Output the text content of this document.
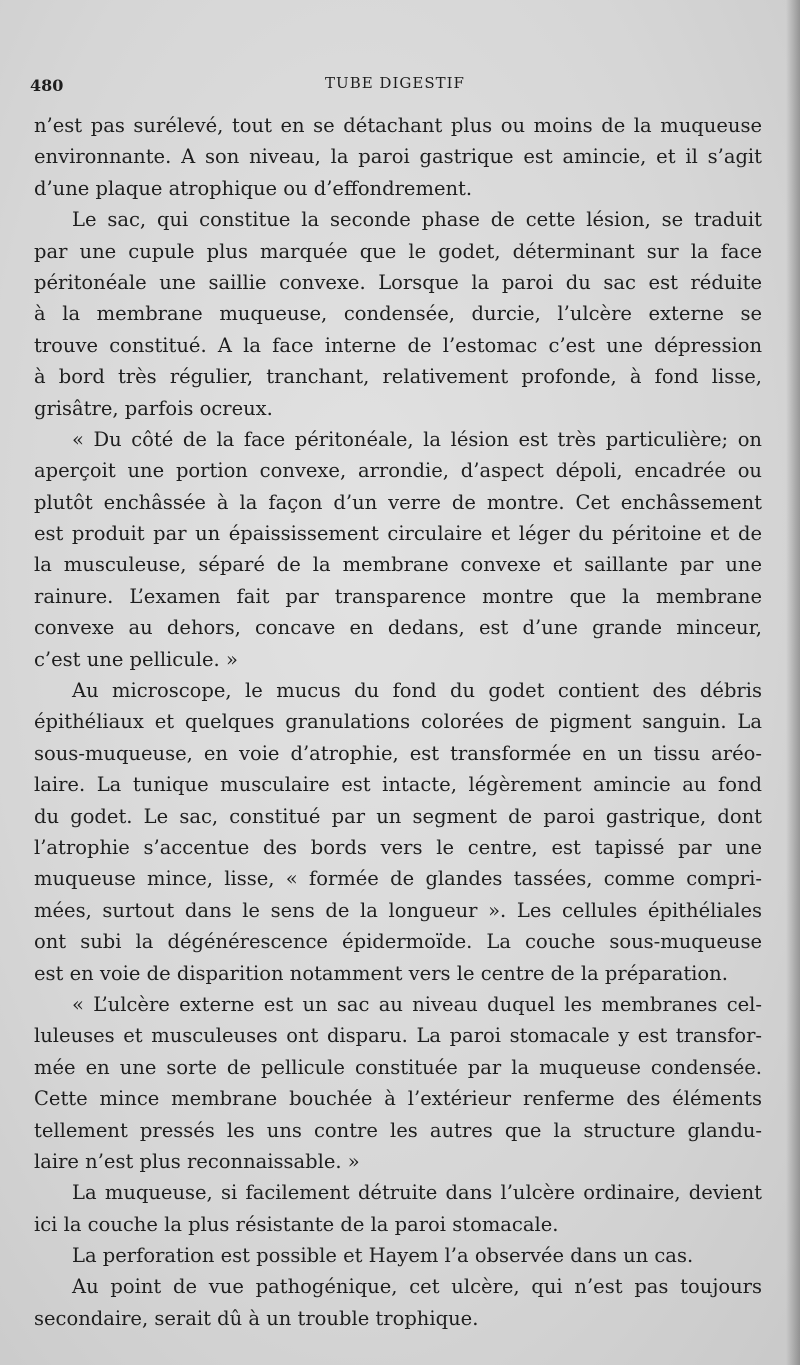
480	TUBE DIGESTIF
n’est pas surélevé, tout en se détachant plus ou moins de la muqueuse
environnante. A son niveau, la paroi gastrique est amincie, et il s’agit
d’une plaque atrophique ou d’effondrement.
Le sac, qui constitue la seconde phase de cette lésion, se traduit
par une cupule plus marquée que le godet, déterminant sur la face
péritonéale une saillie convexe. Lorsque la paroi du sac est réduite
à la membrane muqueuse, condensée, durcie, l’ulcère externe se
trouve constitué. A la face interne de l’estomac c’est une dépression
à bord très régulier, tranchant, relativement profonde, à fond lisse,
grisâtre, parfois ocreux.
« Du côté de la face péritonéale, la lésion est très particulière; on
aperçoit une portion convexe, arrondie, d’aspect dépoli, encadrée ou
plutôt enchâssée à la façon d’un verre de montre. Cet enchâssement
est produit par un épaississement circulaire et léger du péritoine et de
la musculeuse, séparé de la membrane convexe et saillante par une
rainure. L’examen fait par transparence montre que la membrane
convexe au dehors, concave en dedans, est d’une grande minceur,
c’est une pellicule. »
Au microscope, le mucus du fond du godet contient des débris
épithéliaux et quelques granulations colorées de pigment sanguin. La
sous-muqueuse, en voie d’atrophie, est transformée en un tissu aréo-
laire. La tunique musculaire est intacte, légèrement amincie au fond
du godet. Le sac, constitué par un segment de paroi gastrique, dont
l’atrophie s’accentue des bords vers le centre, est tapissé par une
muqueuse mince, lisse, « formée de glandes tassées, comme compri-
mées, surtout dans le sens de la longueur ». Les cellules épithéliales
ont subi la dégénérescence épidermoïde. La couche sous-muqueuse
est en voie de disparition notamment vers le centre de la préparation.
« L’ulcère externe est un sac au niveau duquel les membranes cel-
luleuses et musculeuses ont disparu. La paroi stomacale y est transfor-
mée en une sorte de pellicule constituée par la muqueuse condensée.
Cette mince membrane bouchée à l’extérieur renferme des éléments
tellement pressés les uns contre les autres que la structure glandu-
laire n’est plus reconnaissable. »
La muqueuse, si facilement détruite dans l’ulcère ordinaire, devient
ici la couche la plus résistante de la paroi stomacale.
La perforation est possible et Hayem l’a observée dans un cas.
Au point de vue pathogénique, cet ulcère, qui n’est pas toujours
secondaire, serait dû à un trouble trophique.
